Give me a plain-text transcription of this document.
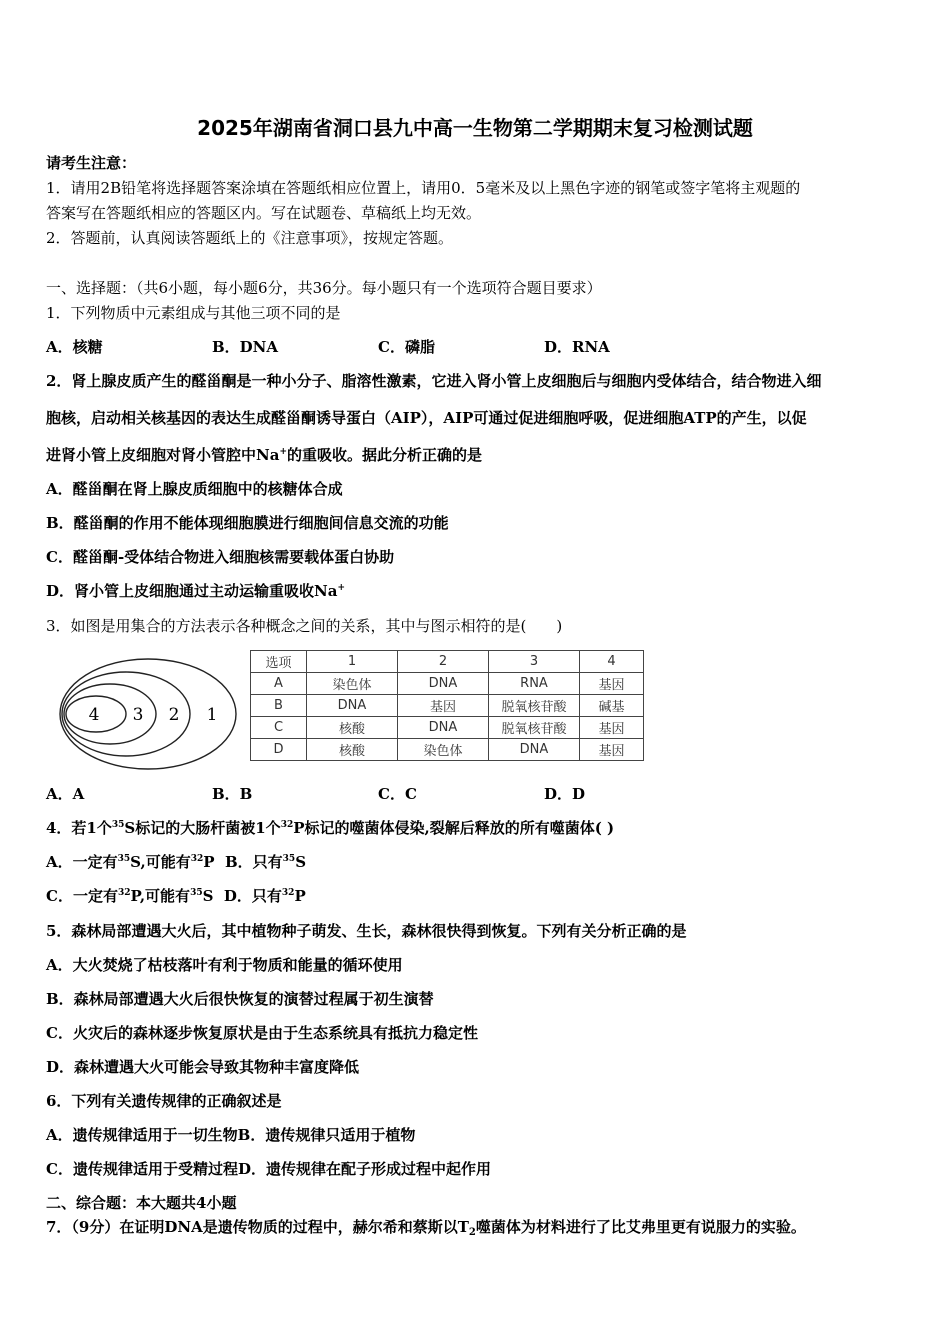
2025年湖南省洞口县九中高一生物第二学期期末复习检测试题
请考生注意：
1．请用2B铅笔将选择题答案涂填在答题纸相应位置上，请用0．5毫米及以上黑色字迹的钢笔或签字笔将主观题的
答案写在答题纸相应的答题区内。写在试题卷、草稿纸上均无效。
2．答题前，认真阅读答题纸上的《注意事项》，按规定答题。
一、选择题：（共6小题，每小题6分，共36分。每小题只有一个选项符合题目要求）
1．下列物质中元素组成与其他三项不同的是
A．核糖	B．DNA	C．磷脂	D．RNA
2．肾上腺皮质产生的醛甾酮是一种小分子、脂溶性激素，它进入肾小管上皮细胞后与细胞内受体结合，结合物进入细
胞核，启动相关核基因的表达生成醛甾酮诱导蛋白（AIP），AIP可通过促进细胞呼吸，促进细胞ATP的产生，以促
进肾小管上皮细胞对肾小管腔中Na+的重吸收。据此分析正确的是
A．醛甾酮在肾上腺皮质细胞中的核糖体合成
B．醛甾酮的作用不能体现细胞膜进行细胞间信息交流的功能
C．醛甾酮-受体结合物进入细胞核需要载体蛋白协助
D．肾小管上皮细胞通过主动运输重吸收Na+
3．如图是用集合的方法表示各种概念之间的关系，其中与图示相符的是(　　)
4 3 2 1
选项	1	2	3	4
A	染色体	DNA	RNA	基因
B	DNA	基因	脱氧核苷酸	碱基
C	核酸	DNA	脱氧核苷酸	基因
D	核酸	染色体	DNA	基因
A．A	B．B	C．C	D．D
4．若1个$^{35}$S标记的大肠杆菌被1个$^{32}$P标记的噬菌体侵染,裂解后释放的所有噬菌体( )
A．一定有$^{35}$S,可能有$^{32}$P B．只有$^{35}$S
C．一定有$^{32}$P,可能有$^{35}$S D．只有$^{32}$P
5．森林局部遭遇大火后，其中植物种子萌发、生长，森林很快得到恢复。下列有关分析正确的是
A．大火焚烧了枯枝落叶有利于物质和能量的循环使用
B．森林局部遭遇大火后很快恢复的演替过程属于初生演替
C．火灾后的森林逐步恢复原状是由于生态系统具有抵抗力稳定性
D．森林遭遇大火可能会导致其物种丰富度降低
6．下列有关遗传规律的正确叙述是
A．遗传规律适用于一切生物B．遗传规律只适用于植物
C．遗传规律适用于受精过程D．遗传规律在配子形成过程中起作用
二、综合题：本大题共4小题
7．（9分）在证明DNA是遗传物质的过程中，赫尔希和蔡斯以$T_2$噬菌体为材料进行了比艾弗里更有说服力的实验。
